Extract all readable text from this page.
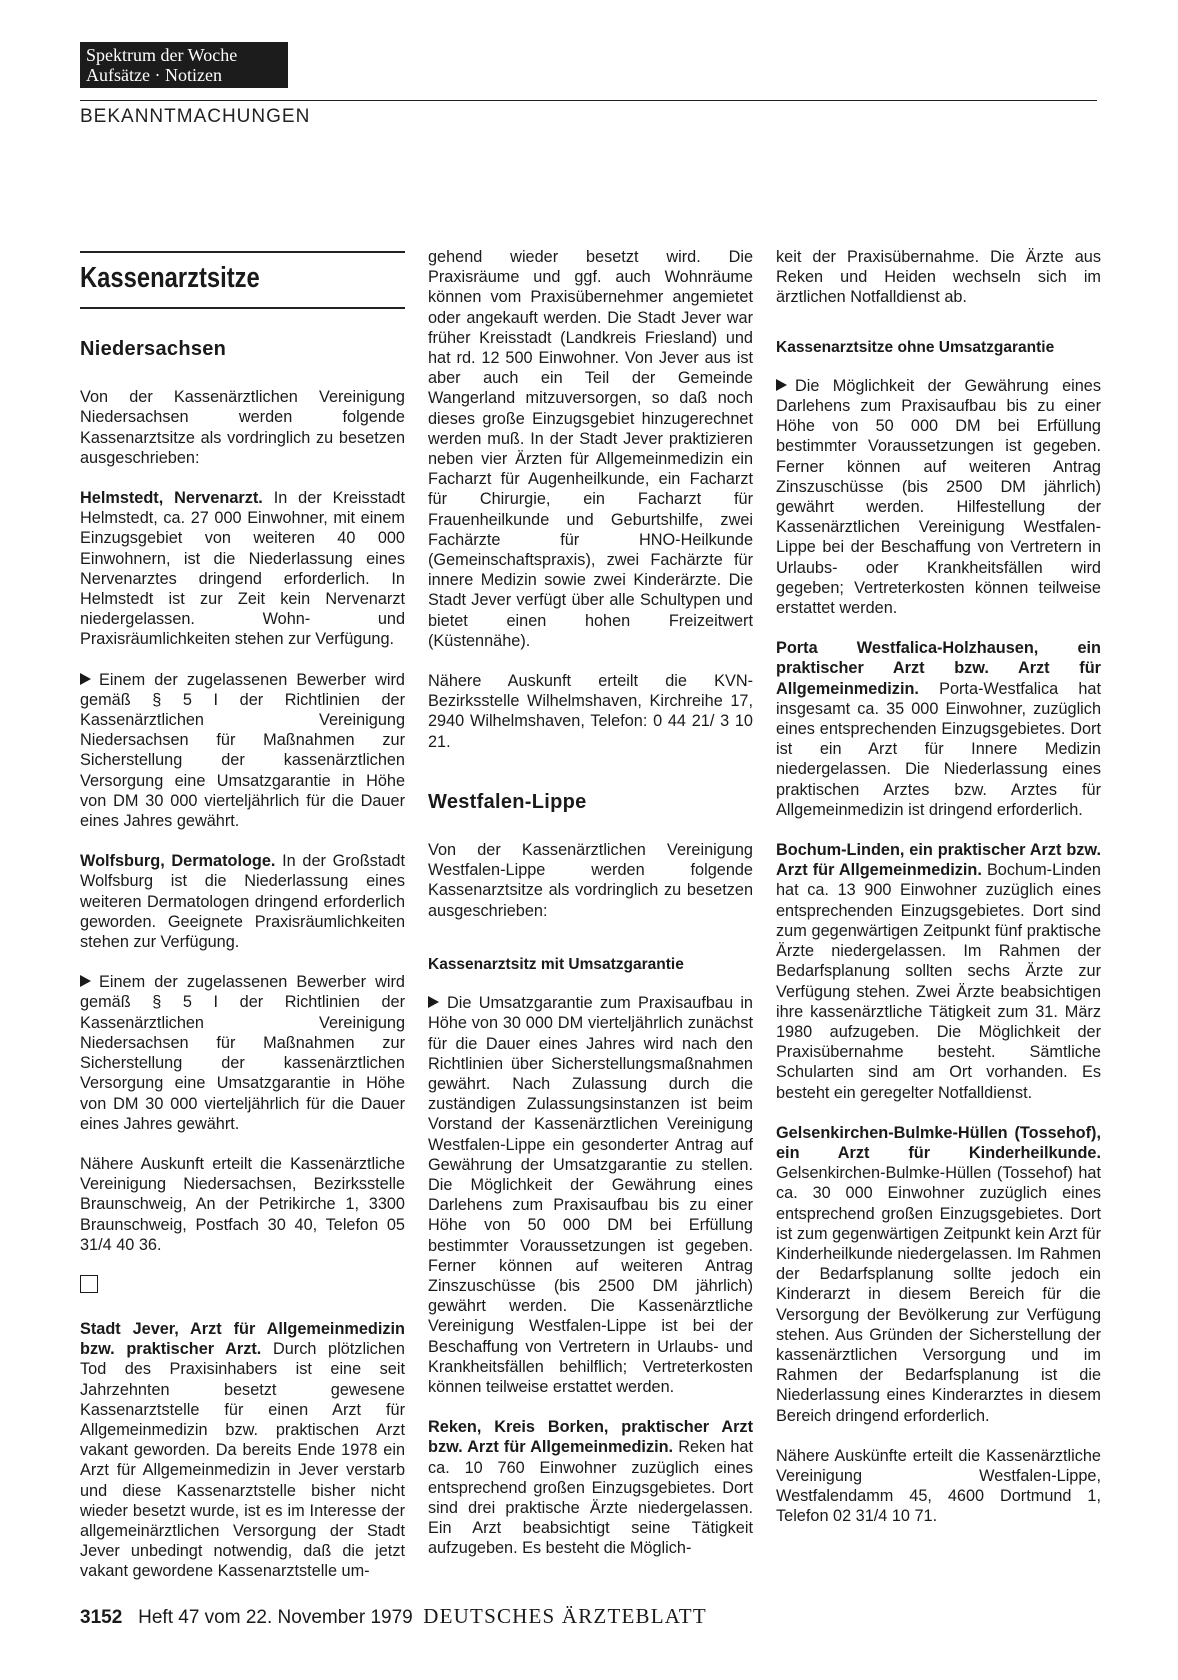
Spektrum der Woche
Aufsätze · Notizen
BEKANNTMACHUNGEN
Kassenarztsitze
Niedersachsen

Von der Kassenärztlichen Vereinigung Niedersachsen werden folgende Kassenarztsitze als vordringlich zu besetzen ausgeschrieben:

Helmstedt, Nervenarzt. In der Kreisstadt Helmstedt, ca. 27 000 Einwohner, mit einem Einzugsgebiet von weiteren 40 000 Einwohnern, ist die Niederlassung eines Nervenarztes dringend erforderlich. In Helmstedt ist zur Zeit kein Nervenarzt niedergelassen. Wohn- und Praxisräumlichkeiten stehen zur Verfügung.

Einem der zugelassenen Bewerber wird gemäß § 5 I der Richtlinien der Kassenärztlichen Vereinigung Niedersachsen für Maßnahmen zur Sicherstellung der kassenärztlichen Versorgung eine Umsatzgarantie in Höhe von DM 30 000 vierteljährlich für die Dauer eines Jahres gewährt.

Wolfsburg, Dermatologe. In der Großstadt Wolfsburg ist die Niederlassung eines weiteren Dermatologen dringend erforderlich geworden. Geeignete Praxisräumlichkeiten stehen zur Verfügung.

Einem der zugelassenen Bewerber wird gemäß § 5 I der Richtlinien der Kassenärztlichen Vereinigung Niedersachsen für Maßnahmen zur Sicherstellung der kassenärztlichen Versorgung eine Umsatzgarantie in Höhe von DM 30 000 vierteljährlich für die Dauer eines Jahres gewährt.

Nähere Auskunft erteilt die Kassenärztliche Vereinigung Niedersachsen, Bezirksstelle Braunschweig, An der Petrikirche 1, 3300 Braunschweig, Postfach 30 40, Telefon 05 31/4 40 36.

Stadt Jever, Arzt für Allgemeinmedizin bzw. praktischer Arzt. Durch plötzlichen Tod des Praxisinhabers ist eine seit Jahrzehnten besetzt gewesene Kassenarztstelle für einen Arzt für Allgemeinmedizin bzw. praktischen Arzt vakant geworden. Da bereits Ende 1978 ein Arzt für Allgemeinmedizin in Jever verstarb und diese Kassenarztstelle bisher nicht wieder besetzt wurde, ist es im Interesse der allgemeinärztlichen Versorgung der Stadt Jever unbedingt notwendig, daß die jetzt vakant gewordene Kassenarztstelle um-

gehend wieder besetzt wird. Die Praxisräume und ggf. auch Wohnräume können vom Praxisübernehmer angemietet oder angekauft werden. Die Stadt Jever war früher Kreisstadt (Landkreis Friesland) und hat rd. 12 500 Einwohner. Von Jever aus ist aber auch ein Teil der Gemeinde Wangerland mitzuversorgen, so daß noch dieses große Einzugsgebiet hinzugerechnet werden muß. In der Stadt Jever praktizieren neben vier Ärzten für Allgemeinmedizin ein Facharzt für Augenheilkunde, ein Facharzt für Chirurgie, ein Facharzt für Frauenheilkunde und Geburtshilfe, zwei Fachärzte für HNO-Heilkunde (Gemeinschaftspraxis), zwei Fachärzte für innere Medizin sowie zwei Kinderärzte. Die Stadt Jever verfügt über alle Schultypen und bietet einen hohen Freizeitwert (Küstennähe).

Nähere Auskunft erteilt die KVN-Bezirksstelle Wilhelmshaven, Kirchreihe 17, 2940 Wilhelmshaven, Telefon: 0 44 21/ 3 10 21.

Westfalen-Lippe

Von der Kassenärztlichen Vereinigung Westfalen-Lippe werden folgende Kassenarztsitze als vordringlich zu besetzen ausgeschrieben:

Kassenarztsitz mit Umsatzgarantie

Die Umsatzgarantie zum Praxisaufbau in Höhe von 30 000 DM vierteljährlich zunächst für die Dauer eines Jahres wird nach den Richtlinien über Sicherstellungsmaßnahmen gewährt. Nach Zulassung durch die zuständigen Zulassungsinstanzen ist beim Vorstand der Kassenärztlichen Vereinigung Westfalen-Lippe ein gesonderter Antrag auf Gewährung der Umsatzgarantie zu stellen. Die Möglichkeit der Gewährung eines Darlehens zum Praxisaufbau bis zu einer Höhe von 50 000 DM bei Erfüllung bestimmter Voraussetzungen ist gegeben. Ferner können auf weiteren Antrag Zinszuschüsse (bis 2500 DM jährlich) gewährt werden. Die Kassenärztliche Vereinigung Westfalen-Lippe ist bei der Beschaffung von Vertretern in Urlaubs- und Krankheitsfällen behilflich; Vertreterkosten können teilweise erstattet werden.

Reken, Kreis Borken, praktischer Arzt bzw. Arzt für Allgemeinmedizin. Reken hat ca. 10 760 Einwohner zuzüglich eines entsprechend großen Einzugsgebietes. Dort sind drei praktische Ärzte niedergelassen. Ein Arzt beabsichtigt seine Tätigkeit aufzugeben. Es besteht die Möglich-

keit der Praxisübernahme. Die Ärzte aus Reken und Heiden wechseln sich im ärztlichen Notfalldienst ab.

Kassenarztsitze ohne Umsatzgarantie

Die Möglichkeit der Gewährung eines Darlehens zum Praxisaufbau bis zu einer Höhe von 50 000 DM bei Erfüllung bestimmter Voraussetzungen ist gegeben. Ferner können auf weiteren Antrag Zinszuschüsse (bis 2500 DM jährlich) gewährt werden. Hilfestellung der Kassenärztlichen Vereinigung Westfalen-Lippe bei der Beschaffung von Vertretern in Urlaubs- oder Krankheitsfällen wird gegeben; Vertreterkosten können teilweise erstattet werden.

Porta Westfalica-Holzhausen, ein praktischer Arzt bzw. Arzt für Allgemeinmedizin. Porta-Westfalica hat insgesamt ca. 35 000 Einwohner, zuzüglich eines entsprechenden Einzugsgebietes. Dort ist ein Arzt für Innere Medizin niedergelassen. Die Niederlassung eines praktischen Arztes bzw. Arztes für Allgemeinmedizin ist dringend erforderlich.

Bochum-Linden, ein praktischer Arzt bzw. Arzt für Allgemeinmedizin. Bochum-Linden hat ca. 13 900 Einwohner zuzüglich eines entsprechenden Einzugsgebietes. Dort sind zum gegenwärtigen Zeitpunkt fünf praktische Ärzte niedergelassen. Im Rahmen der Bedarfsplanung sollten sechs Ärzte zur Verfügung stehen. Zwei Ärzte beabsichtigen ihre kassenärztliche Tätigkeit zum 31. März 1980 aufzugeben. Die Möglichkeit der Praxisübernahme besteht. Sämtliche Schularten sind am Ort vorhanden. Es besteht ein geregelter Notfalldienst.

Gelsenkirchen-Bulmke-Hüllen (Tossehof), ein Arzt für Kinderheilkunde. Gelsenkirchen-Bulmke-Hüllen (Tossehof) hat ca. 30 000 Einwohner zuzüglich eines entsprechend großen Einzugsgebietes. Dort ist zum gegenwärtigen Zeitpunkt kein Arzt für Kinderheilkunde niedergelassen. Im Rahmen der Bedarfsplanung sollte jedoch ein Kinderarzt in diesem Bereich für die Versorgung der Bevölkerung zur Verfügung stehen. Aus Gründen der Sicherstellung der kassenärztlichen Versorgung und im Rahmen der Bedarfsplanung ist die Niederlassung eines Kinderarztes in diesem Bereich dringend erforderlich.

Nähere Auskünfte erteilt die Kassenärztliche Vereinigung Westfalen-Lippe, Westfalendamm 45, 4600 Dortmund 1, Telefon 02 31/4 10 71.

3152 Heft 47 vom 22. November 1979 DEUTSCHES ÄRZTEBLATT
